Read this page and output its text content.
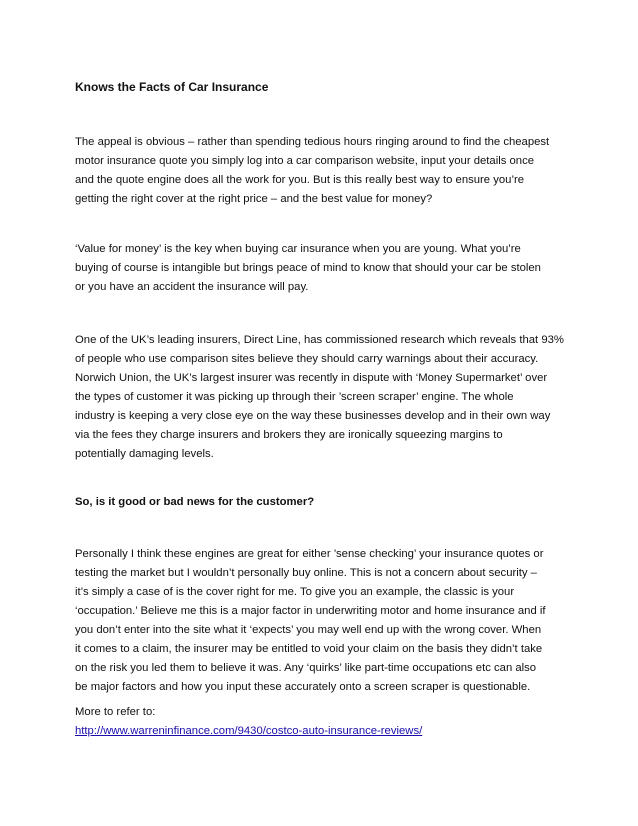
Knows the Facts of Car Insurance

The appeal is obvious – rather than spending tedious hours ringing around to find the cheapest
motor insurance quote you simply log into a car comparison website, input your details once
and the quote engine does all the work for you. But is this really best way to ensure you’re
getting the right cover at the right price – and the best value for money?

‘Value for money’ is the key when buying car insurance when you are young. What you’re
buying of course is intangible but brings peace of mind to know that should your car be stolen
or you have an accident the insurance will pay.

One of the UK’s leading insurers, Direct Line, has commissioned research which reveals that 93%
of people who use comparison sites believe they should carry warnings about their accuracy.
Norwich Union, the UK’s largest insurer was recently in dispute with ‘Money Supermarket’ over
the types of customer it was picking up through their ’screen scraper’ engine. The whole
industry is keeping a very close eye on the way these businesses develop and in their own way
via the fees they charge insurers and brokers they are ironically squeezing margins to
potentially damaging levels.

So, is it good or bad news for the customer?

Personally I think these engines are great for either ’sense checking’ your insurance quotes or
testing the market but I wouldn’t personally buy online. This is not a concern about security –
it’s simply a case of is the cover right for me. To give you an example, the classic is your
‘occupation.’ Believe me this is a major factor in underwriting motor and home insurance and if
you don’t enter into the site what it ‘expects’ you may well end up with the wrong cover. When
it comes to a claim, the insurer may be entitled to void your claim on the basis they didn’t take
on the risk you led them to believe it was. Any ‘quirks’ like part-time occupations etc can also
be major factors and how you input these accurately onto a screen scraper is questionable.

More to refer to:
http://www.warreninfinance.com/9430/costco-auto-insurance-reviews/
